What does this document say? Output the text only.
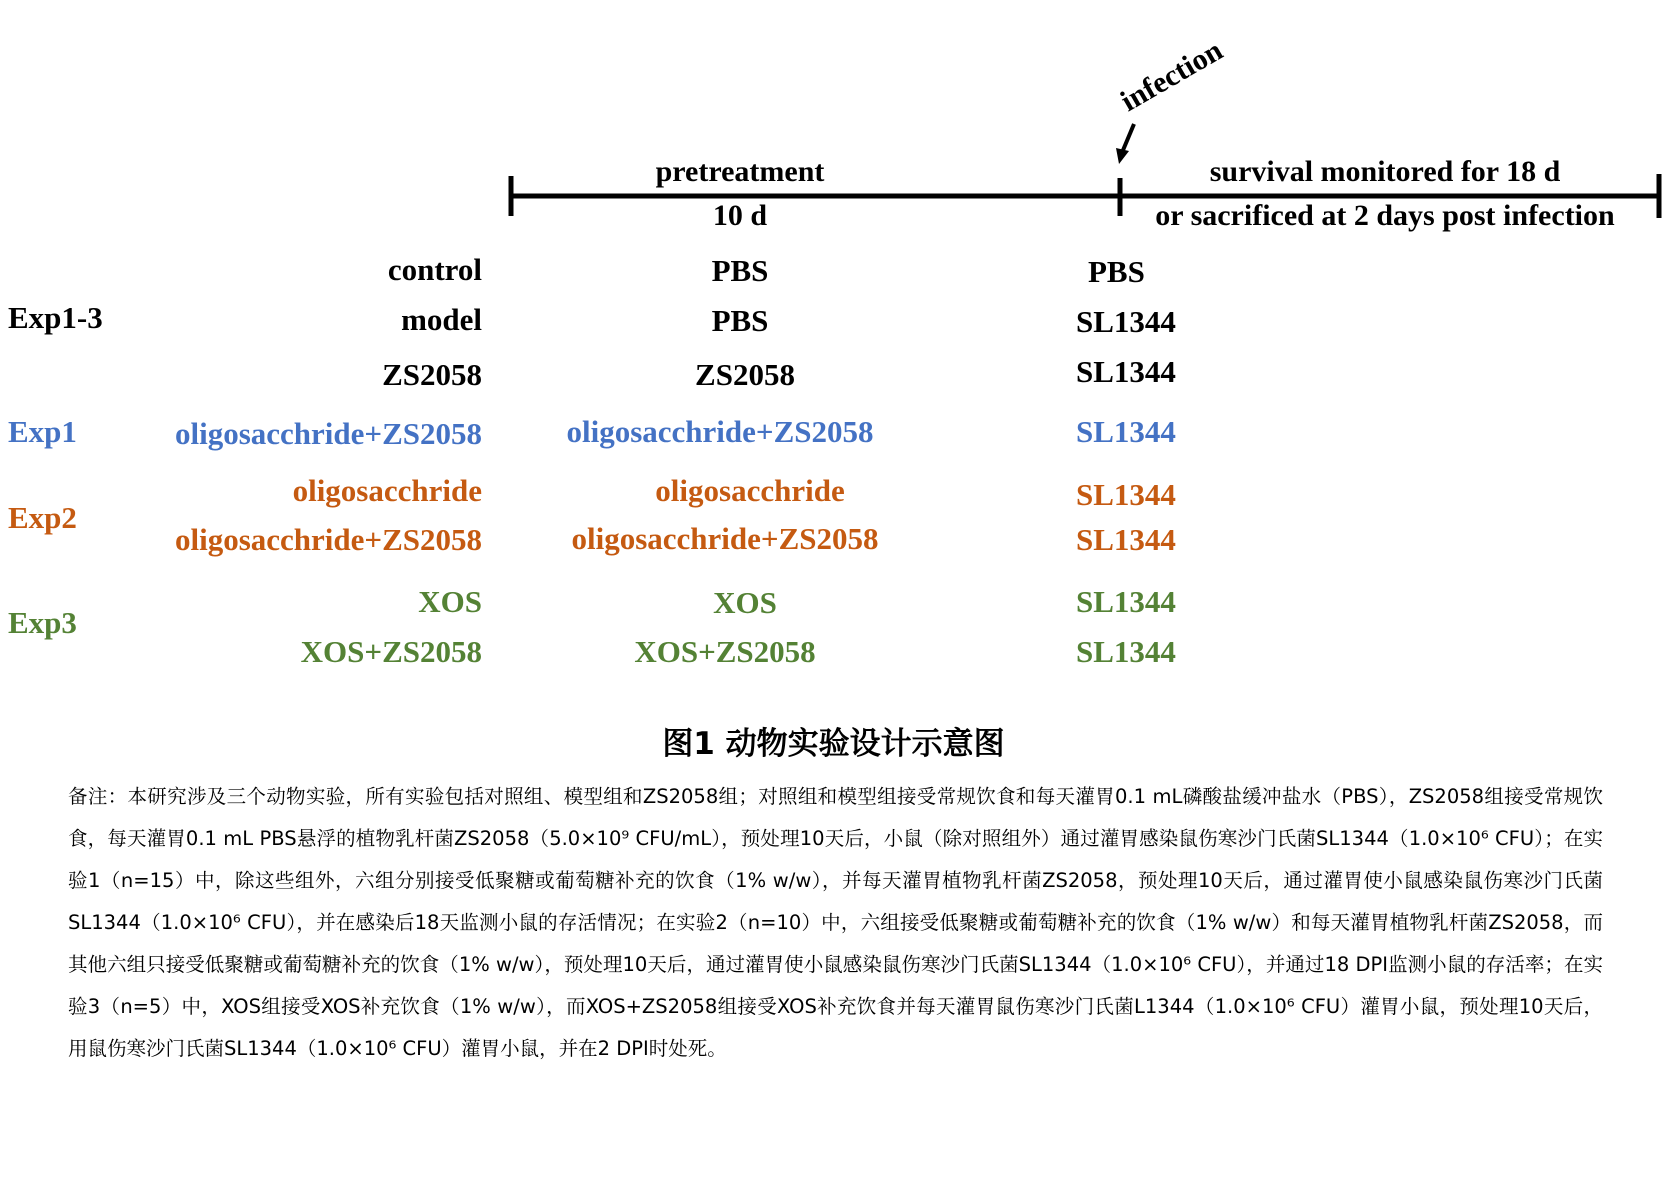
infection
pretreatment
10 d
survival monitored for 18 d
or sacrificed at 2 days post infection
Exp1-3
Exp1
Exp2
Exp3
control	PBS	PBS
model	PBS	SL1344
ZS2058	ZS2058	SL1344
oligosacchride+ZS2058	oligosacchride+ZS2058	SL1344
oligosacchride	oligosacchride	SL1344
oligosacchride+ZS2058	oligosacchride+ZS2058	SL1344
XOS	XOS	SL1344
XOS+ZS2058	XOS+ZS2058	SL1344
图1 动物实验设计示意图
备注：本研究涉及三个动物实验，所有实验包括对照组、模型组和ZS2058组；对照组和模型组接受常规饮食和每天灌胃0.1 mL磷酸盐缓冲盐水（PBS），ZS2058组接受常规饮食，每天灌胃0.1 mL PBS悬浮的植物乳杆菌ZS2058（5.0×10⁹ CFU/mL），预处理10天后，小鼠（除对照组外）通过灌胃感染鼠伤寒沙门氏菌SL1344（1.0×10⁶ CFU）；在实验1（n=15）中，除这些组外，六组分别接受低聚糖或葡萄糖补充的饮食（1% w/w），并每天灌胃植物乳杆菌ZS2058，预处理10天后，通过灌胃使小鼠感染鼠伤寒沙门氏菌SL1344（1.0×10⁶ CFU），并在感染后18天监测小鼠的存活情况；在实验2（n=10）中，六组接受低聚糖或葡萄糖补充的饮食（1% w/w）和每天灌胃植物乳杆菌ZS2058，而其他六组只接受低聚糖或葡萄糖补充的饮食（1% w/w），预处理10天后，通过灌胃使小鼠感染鼠伤寒沙门氏菌SL1344（1.0×10⁶ CFU），并通过18 DPI监测小鼠的存活率；在实验3（n=5）中，XOS组接受XOS补充饮食（1% w/w），而XOS+ZS2058组接受XOS补充饮食并每天灌胃鼠伤寒沙门氏菌L1344（1.0×10⁶ CFU）灌胃小鼠，预处理10天后，用鼠伤寒沙门氏菌SL1344（1.0×10⁶ CFU）灌胃小鼠，并在2 DPI时处死。
